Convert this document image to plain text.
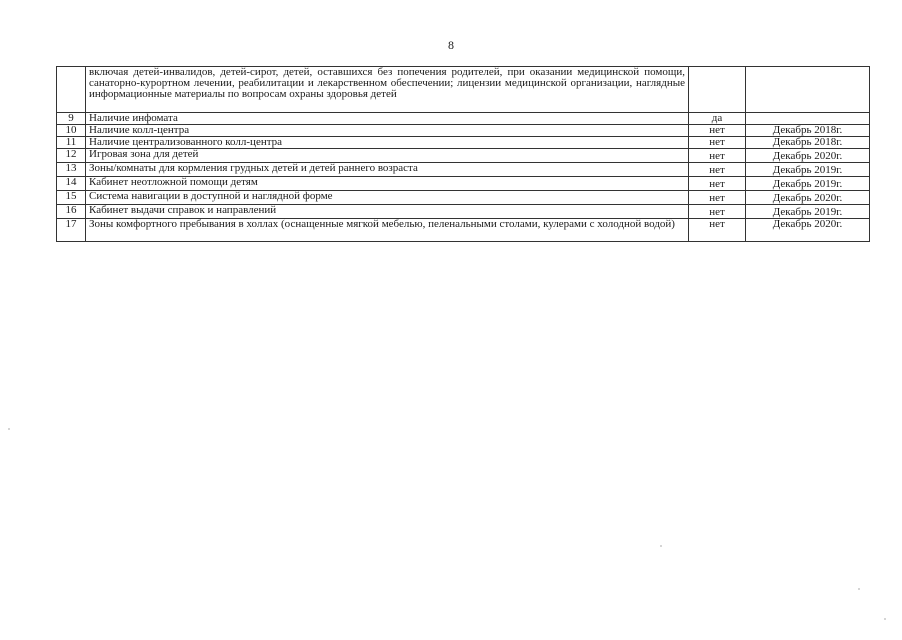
8
	включая детей-инвалидов, детей-сирот, детей, оставшихся без попечения родителей, при оказании медицинской помощи, санаторно-курортном лечении, реабилитации и лекарственном обеспечении; лицензии медицинской организации, наглядные информационные материалы по вопросам охраны здоровья детей		
9	Наличие инфомата	да	
10	Наличие колл-центра	нет	Декабрь 2018г.
11	Наличие централизованного колл-центра	нет	Декабрь 2018г.
12	Игровая зона для детей	нет	Декабрь 2020г.
13	Зоны/комнаты для кормления грудных детей и детей раннего возраста	нет	Декабрь 2019г.
14	Кабинет неотложной помощи детям	нет	Декабрь 2019г.
15	Система навигации в доступной и наглядной форме	нет	Декабрь 2020г.
16	Кабинет выдачи справок и направлений	нет	Декабрь 2019г.
17	Зоны комфортного пребывания в холлах (оснащенные мягкой мебелью, пеленальными столами, кулерами с холодной водой)	нет	Декабрь 2020г.
